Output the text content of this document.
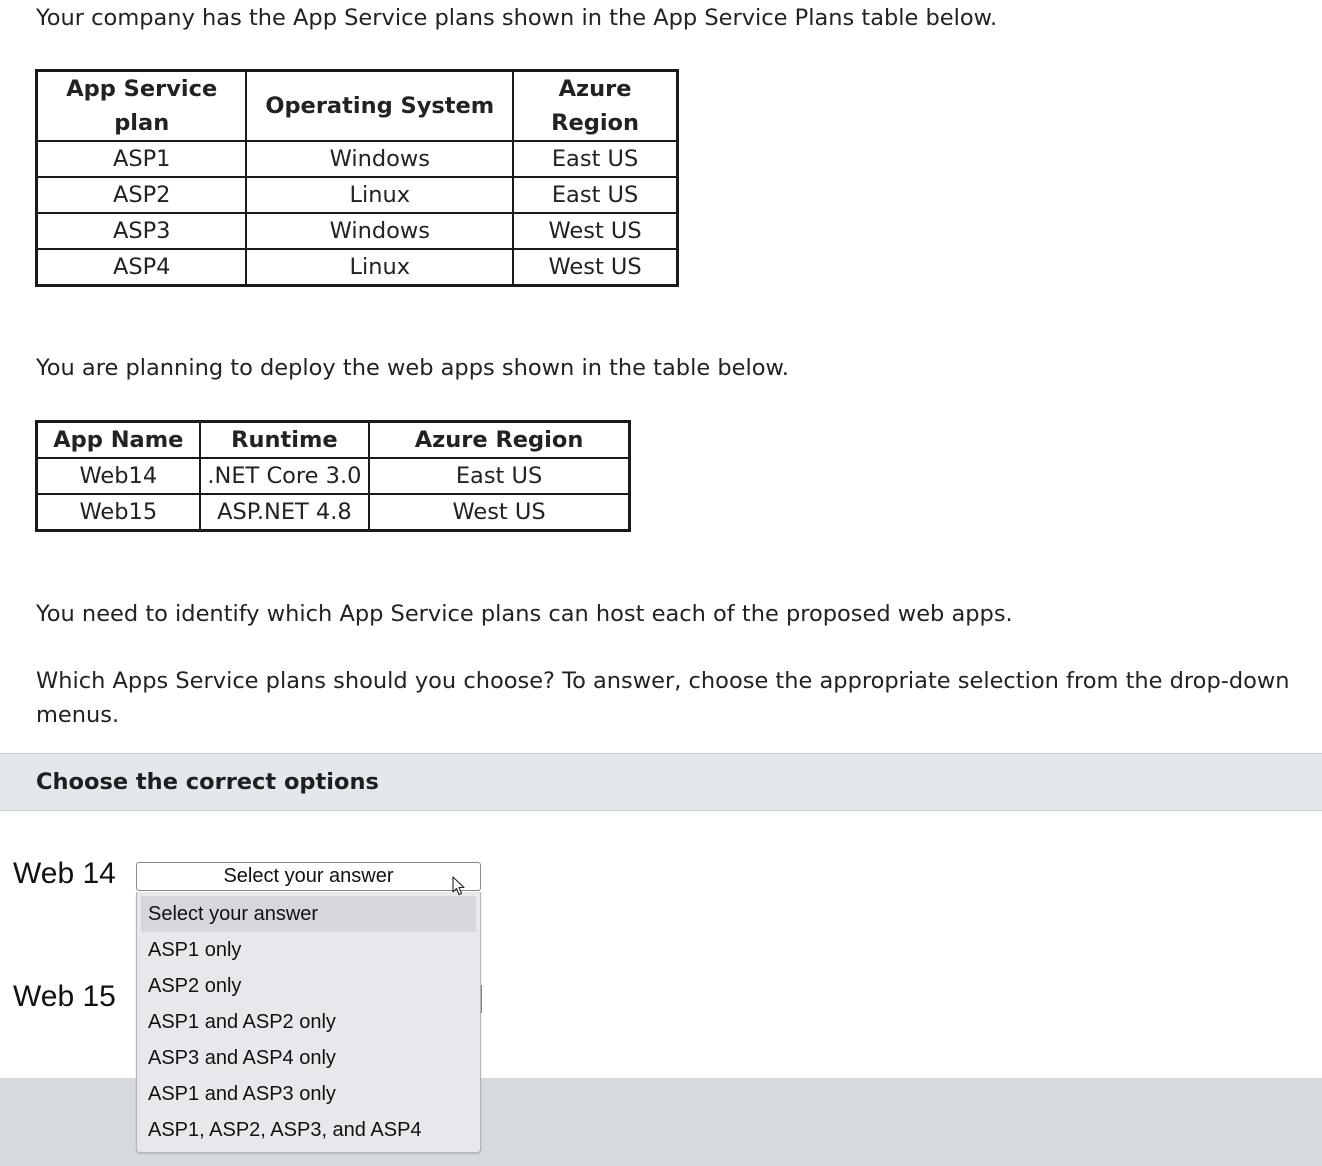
Your company has the App Service plans shown in the App Service Plans table below.

App Service plan	Operating System	Azure Region
ASP1	Windows	East US
ASP2	Linux	East US
ASP3	Windows	West US
ASP4	Linux	West US

You are planning to deploy the web apps shown in the table below.

App Name	Runtime	Azure Region
Web14	.NET Core 3.0	East US
Web15	ASP.NET 4.8	West US

You need to identify which App Service plans can host each of the proposed web apps.

Which Apps Service plans should you choose? To answer, choose the appropriate selection from the drop-down menus.

Choose the correct options
Web 14	Select your answer
Web 15
Select your answer
ASP1 only
ASP2 only
ASP1 and ASP2 only
ASP3 and ASP4 only
ASP1 and ASP3 only
ASP1, ASP2, ASP3, and ASP4
